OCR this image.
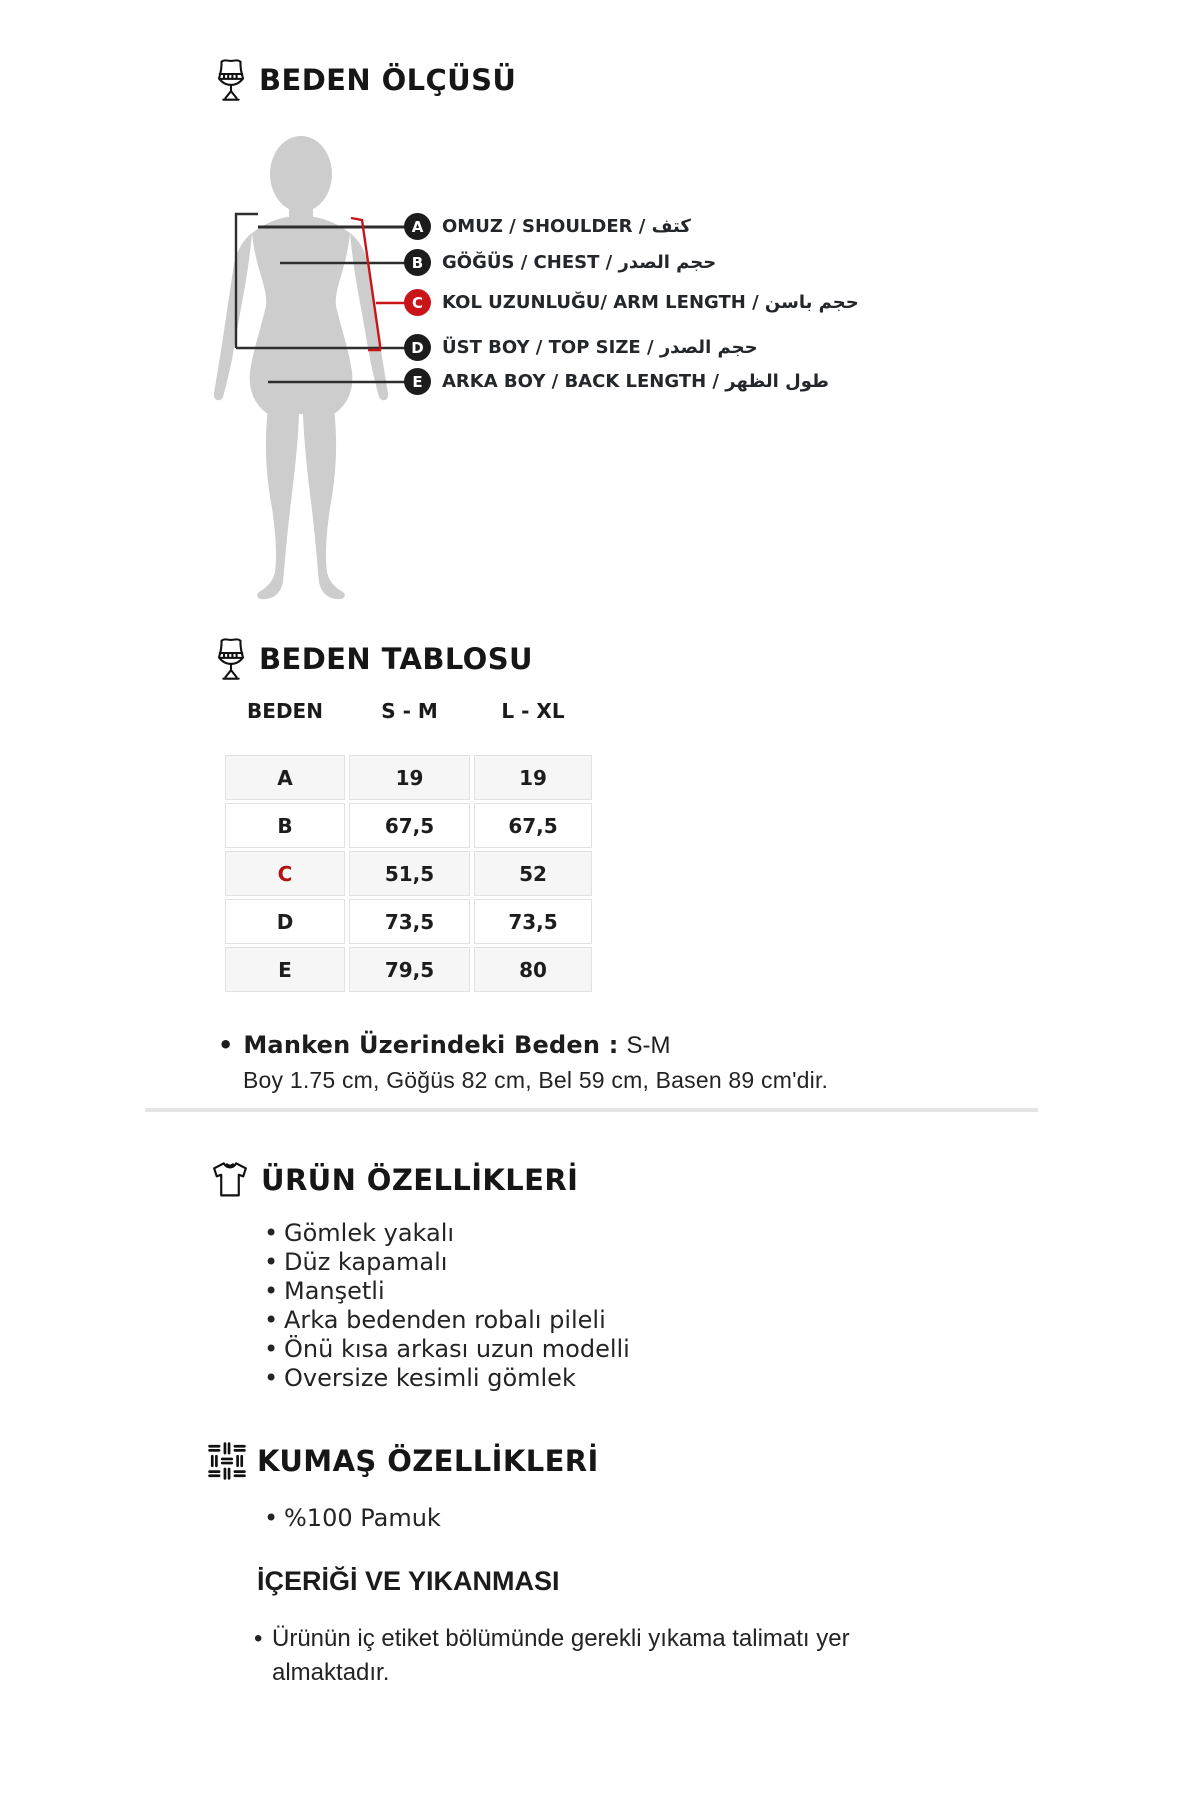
BEDEN ÖLÇÜSÜ
A	OMUZ / SHOULDER / كتف
B	GÖĞÜS / CHEST / حجم الصدر
C	KOL UZUNLUĞU/ ARM LENGTH / حجم باسن
D	ÜST BOY / TOP SIZE / حجم الصدر
E	ARKA BOY / BACK LENGTH / طول الظهر
BEDEN TABLOSU
BEDEN	S - M	L - XL
A	19	19
B	67,5	67,5
C	51,5	52
D	73,5	73,5
E	79,5	80
• Manken Üzerindeki Beden : S-M
Boy 1.75 cm, Göğüs 82 cm, Bel 59 cm, Basen 89 cm'dir.
ÜRÜN ÖZELLİKLERİ
• Gömlek yakalı
• Düz kapamalı
• Manşetli
• Arka bedenden robalı pileli
• Önü kısa arkası uzun modelli
• Oversize kesimli gömlek
KUMAŞ ÖZELLİKLERİ
• %100 Pamuk
İÇERİĞİ VE YIKANMASI
• Ürünün iç etiket bölümünde gerekli yıkama talimatı yer almaktadır.
